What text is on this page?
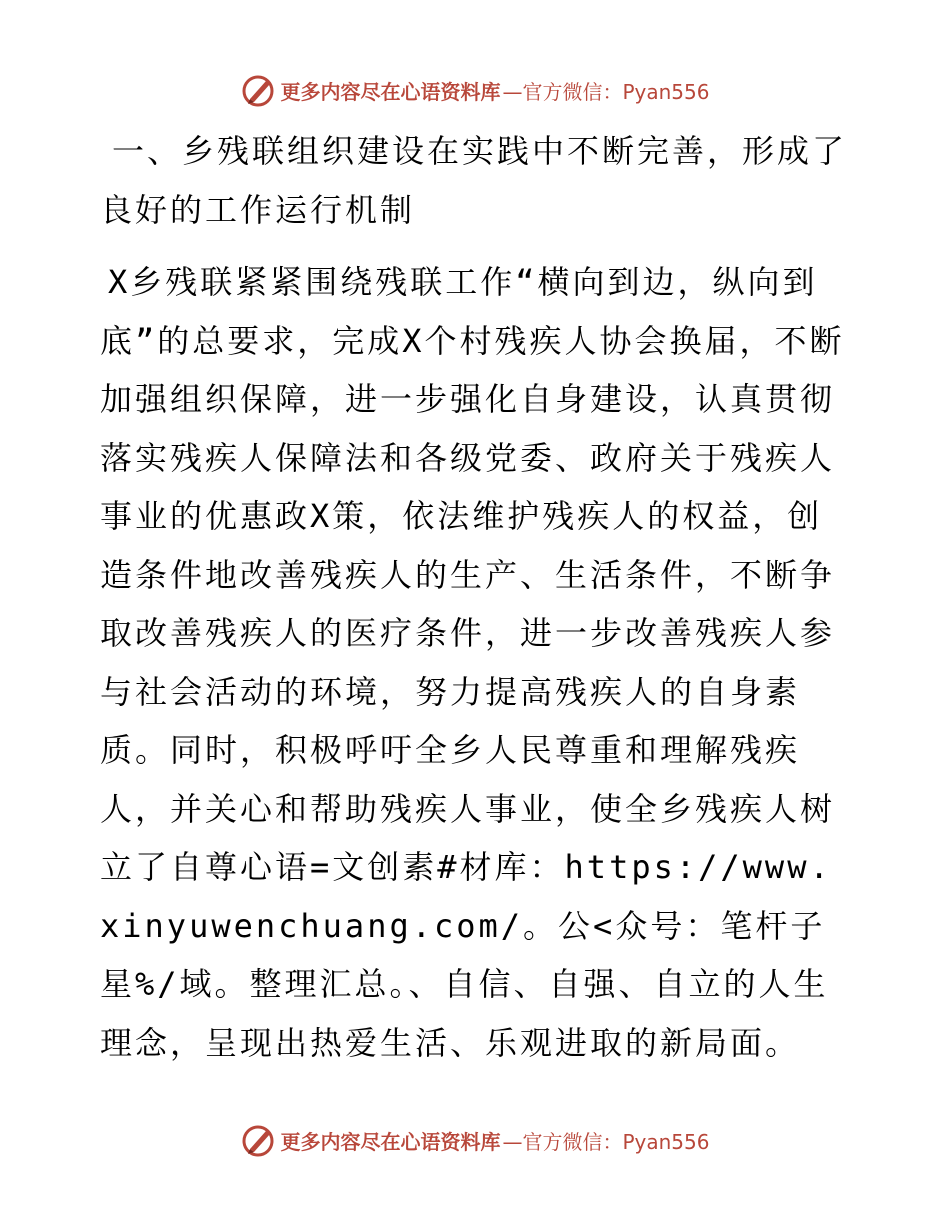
更多内容尽在心语资料库 —官方微信：Pyan556
一、乡残联组织建设在实践中不断完善，形成了良好的工作运行机制

X乡残联紧紧围绕残联工作“横向到边，纵向到底”的总要求，完成X个村残疾人协会换届，不断加强组织保障，进一步强化自身建设，认真贯彻落实残疾人保障法和各级党委、政府关于残疾人事业的优惠政X策，依法维护残疾人的权益，创造条件地改善残疾人的生产、生活条件，不断争取改善残疾人的医疗条件，进一步改善残疾人参与社会活动的环境，努力提高残疾人的自身素质。同时，积极呼吁全乡人民尊重和理解残疾人，并关心和帮助残疾人事业，使全乡残疾人树立了自尊心语=文创素#材库：https://www.xinyuwenchuang.com/。公<众号：笔杆子星%/域。整理汇总。、自信、自强、自立的人生理念，呈现出热爱生活、乐观进取的新局面。

更多内容尽在心语资料库 —官方微信：Pyan556
